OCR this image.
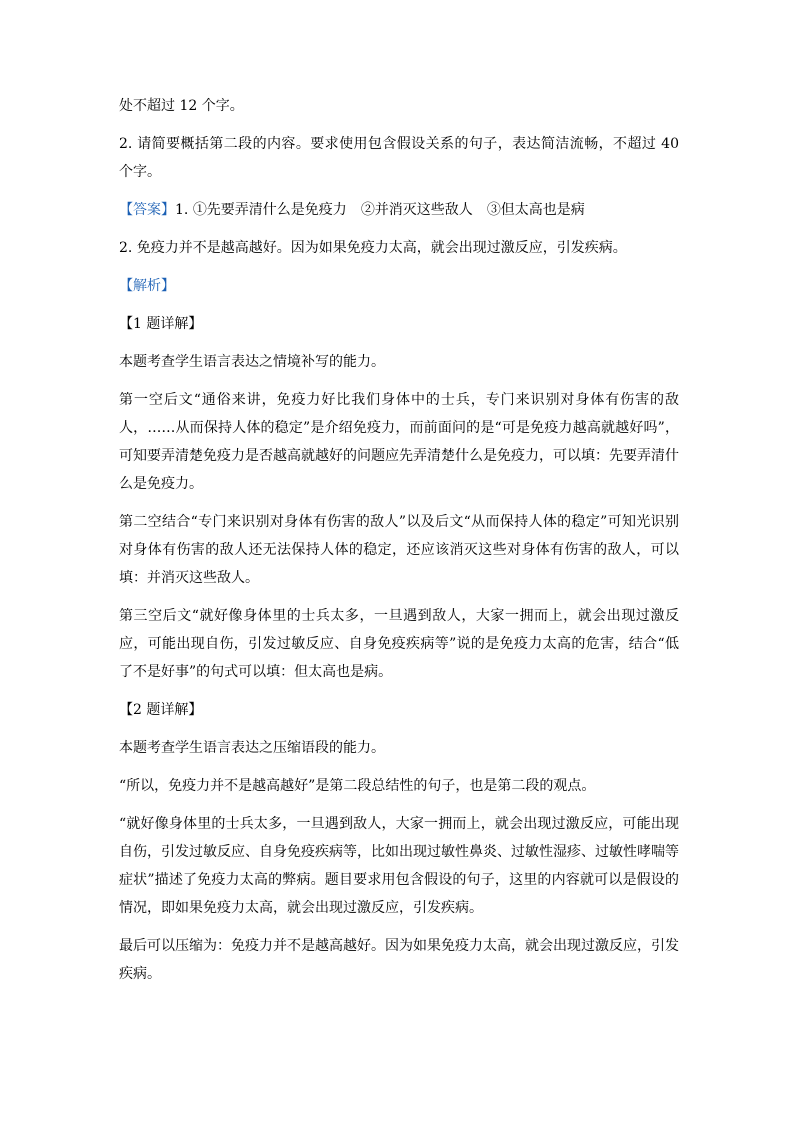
处不超过 12 个字。

2. 请简要概括第二段的内容。要求使用包含假设关系的句子，表达简洁流畅，不超过 40 个字。

【答案】1. ①先要弄清什么是免疫力 ②并消灭这些敌人 ③但太高也是病

2. 免疫力并不是越高越好。因为如果免疫力太高，就会出现过激反应，引发疾病。

【解析】

【1 题详解】

本题考查学生语言表达之情境补写的能力。

第一空后文“通俗来讲，免疫力好比我们身体中的士兵，专门来识别对身体有伤害的敌人，……从而保持人体的稳定”是介绍免疫力，而前面问的是“可是免疫力越高就越好吗”，可知要弄清楚免疫力是否越高就越好的问题应先弄清楚什么是免疫力，可以填：先要弄清什么是免疫力。

第二空结合“专门来识别对身体有伤害的敌人”以及后文“从而保持人体的稳定”可知光识别对身体有伤害的敌人还无法保持人体的稳定，还应该消灭这些对身体有伤害的敌人，可以填：并消灭这些敌人。

第三空后文“就好像身体里的士兵太多，一旦遇到敌人，大家一拥而上，就会出现过激反应，可能出现自伤，引发过敏反应、自身免疫疾病等”说的是免疫力太高的危害，结合“低了不是好事”的句式可以填：但太高也是病。

【2 题详解】

本题考查学生语言表达之压缩语段的能力。

“所以，免疫力并不是越高越好”是第二段总结性的句子，也是第二段的观点。

“就好像身体里的士兵太多，一旦遇到敌人，大家一拥而上，就会出现过激反应，可能出现自伤，引发过敏反应、自身免疫疾病等，比如出现过敏性鼻炎、过敏性湿疹、过敏性哮喘等症状”描述了免疫力太高的弊病。题目要求用包含假设的句子，这里的内容就可以是假设的情况，即如果免疫力太高，就会出现过激反应，引发疾病。

最后可以压缩为：免疫力并不是越高越好。因为如果免疫力太高，就会出现过激反应，引发疾病。
